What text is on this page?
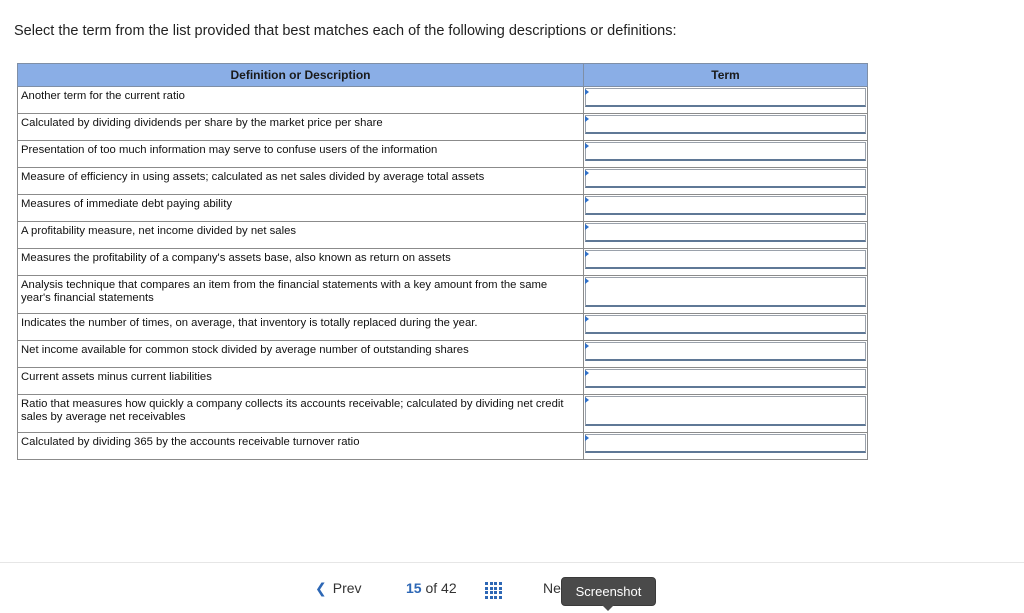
Select the term from the list provided that best matches each of the following descriptions or definitions:
Definition or Description	Term
Another term for the current ratio	

Calculated by dividing dividends per share by the market price per share	

Presentation of too much information may serve to confuse users of the information	

Measure of efficiency in using assets; calculated as net sales divided by average total assets	

Measures of immediate debt paying ability	

A profitability measure, net income divided by net sales	

Measures the profitability of a company's assets base, also known as return on assets	

Analysis technique that compares an item from the financial statements with a key amount from the same year's financial statements	

Indicates the number of times, on average, that inventory is totally replaced during the year.	

Net income available for common stock divided by average number of outstanding shares	

Current assets minus current liabilities	

Ratio that measures how quickly a company collects its accounts receivable; calculated by dividing net credit sales by average net receivables	

Calculated by dividing 365 by the accounts receivable turnover ratio	
❮ Prev	15 of 42	Ne	Screenshot
